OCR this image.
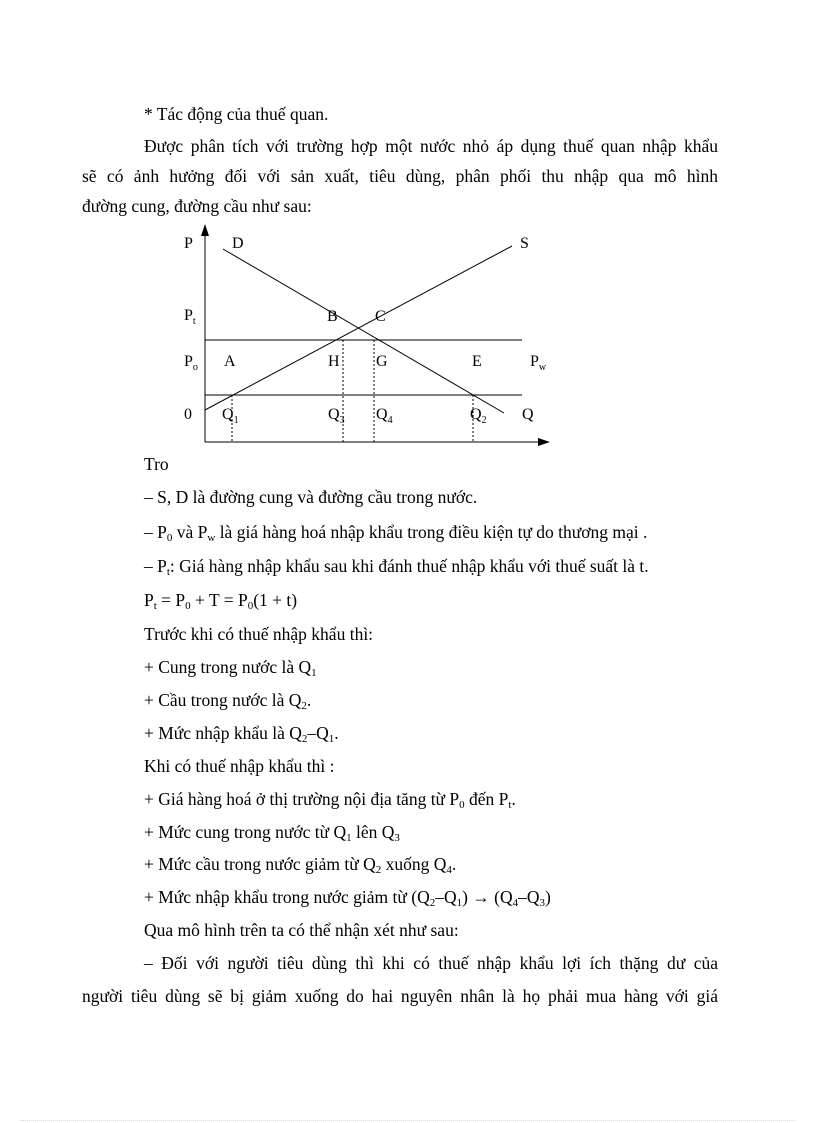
* Tác động của thuế quan.
Được phân tích với trường hợp một nước nhỏ áp dụng thuế quan nhập khẩu
sẽ có ảnh hưởng đối với sản xuất, tiêu dùng, phân phối thu nhập qua mô hình
đường cung, đường cầu như sau:
P D	S
$P_t$	B C
$P_o$ A	H G	E	$P_w$
0 $Q_1$	$Q_3$ $Q_4$	$Q_2$ Q
Tro
– S, D là đường cung và đường cầu trong nước.
– $P_0$ và $P_w$ là giá hàng hoá nhập khẩu trong điều kiện tự do thương mại .
– $P_t$: Giá hàng nhập khẩu sau khi đánh thuế nhập khẩu với thuế suất là t.
$P_t = P_0 + T = P_0(1 + t)$
Trước khi có thuế nhập khẩu thì:
+ Cung trong nước là $Q_1$
+ Cầu trong nước là $Q_2$.
+ Mức nhập khẩu là $Q_2-Q_1$.
Khi có thuế nhập khẩu thì :
+ Giá hàng hoá ở thị trường nội địa tăng từ $P_0$ đến $P_t$.
+ Mức cung trong nước từ $Q_1$ lên $Q_3$
+ Mức cầu trong nước giảm từ $Q_2$ xuống $Q_4$.
+ Mức nhập khẩu trong nước giảm từ $(Q_2-Q_1) \to (Q_4-Q_3)$
Qua mô hình trên ta có thể nhận xét như sau:
– Đối với người tiêu dùng thì khi có thuế nhập khẩu lợi ích thặng dư của
người tiêu dùng sẽ bị giảm xuống do hai nguyên nhân là họ phải mua hàng với giá
